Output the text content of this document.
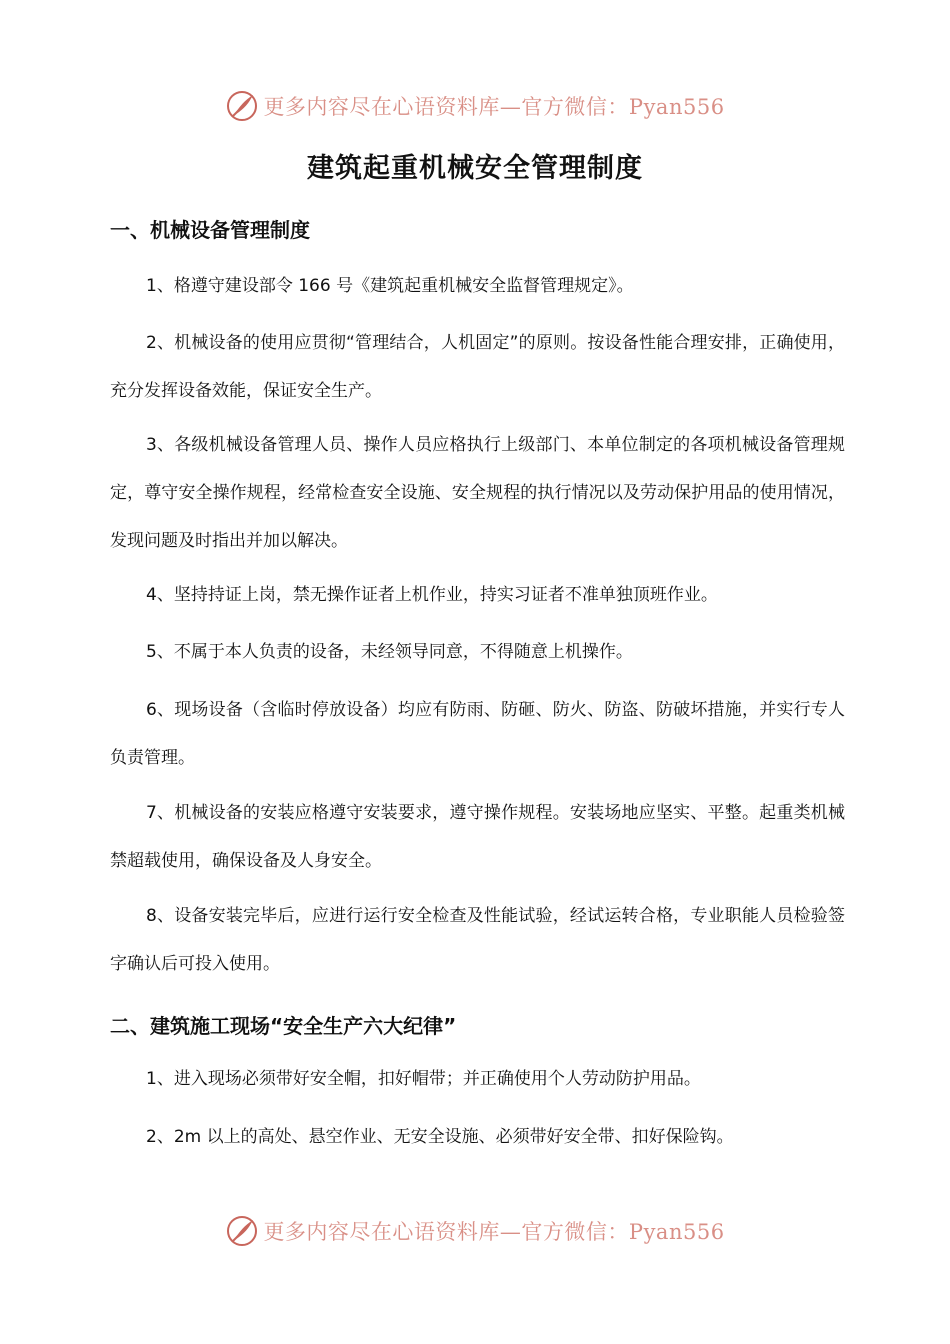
更多内容尽在心语资料库—官方微信：Pyan556
建筑起重机械安全管理制度
一、机械设备管理制度

1、格遵守建设部令 166 号《建筑起重机械安全监督管理规定》。

2、机械设备的使用应贯彻“管理结合，人机固定”的原则。按设备性能合理安排，正确使用，充分发挥设备效能，保证安全生产。

3、各级机械设备管理人员、操作人员应格执行上级部门、本单位制定的各项机械设备管理规定，尊守安全操作规程，经常检查安全设施、安全规程的执行情况以及劳动保护用品的使用情况，发现问题及时指出并加以解决。

4、坚持持证上岗，禁无操作证者上机作业，持实习证者不准单独顶班作业。

5、不属于本人负责的设备，未经领导同意，不得随意上机操作。

6、现场设备（含临时停放设备）均应有防雨、防砸、防火、防盗、防破坏措施，并实行专人负责管理。

7、机械设备的安装应格遵守安装要求，遵守操作规程。安装场地应坚实、平整。起重类机械禁超载使用，确保设备及人身安全。

8、设备安装完毕后，应进行运行安全检查及性能试验，经试运转合格，专业职能人员检验签字确认后可投入使用。

二、建筑施工现场“安全生产六大纪律”

1、进入现场必须带好安全帽，扣好帽带；并正确使用个人劳动防护用品。

2、2m 以上的高处、悬空作业、无安全设施、必须带好安全带、扣好保险钩。

更多内容尽在心语资料库—官方微信：Pyan556
